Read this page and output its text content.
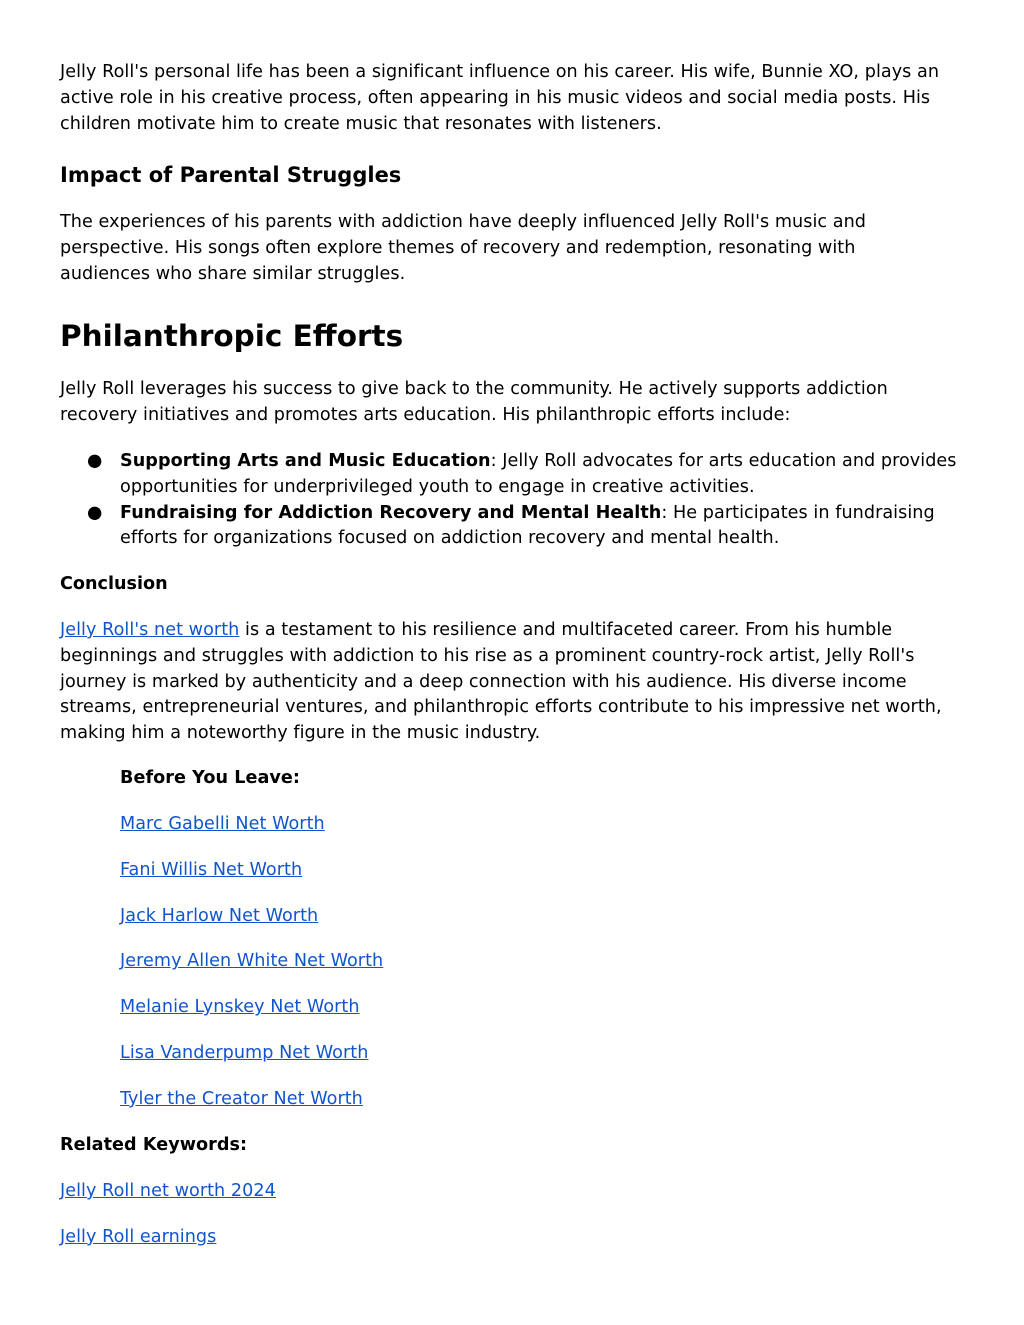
Jelly Roll's personal life has been a significant influence on his career. His wife, Bunnie XO, plays an active role in his creative process, often appearing in his music videos and social media posts. His children motivate him to create music that resonates with listeners.

Impact of Parental Struggles

The experiences of his parents with addiction have deeply influenced Jelly Roll's music and perspective. His songs often explore themes of recovery and redemption, resonating with audiences who share similar struggles.

Philanthropic Efforts

Jelly Roll leverages his success to give back to the community. He actively supports addiction recovery initiatives and promotes arts education. His philanthropic efforts include:

● Supporting Arts and Music Education: Jelly Roll advocates for arts education and provides opportunities for underprivileged youth to engage in creative activities.
● Fundraising for Addiction Recovery and Mental Health: He participates in fundraising efforts for organizations focused on addiction recovery and mental health.
Conclusion

Jelly Roll's net worth is a testament to his resilience and multifaceted career. From his humble beginnings and struggles with addiction to his rise as a prominent country-rock artist, Jelly Roll's journey is marked by authenticity and a deep connection with his audience. His diverse income streams, entrepreneurial ventures, and philanthropic efforts contribute to his impressive net worth, making him a noteworthy figure in the music industry.

Before You Leave:

Marc Gabelli Net Worth
Fani Willis Net Worth
Jack Harlow Net Worth
Jeremy Allen White Net Worth
Melanie Lynskey Net Worth
Lisa Vanderpump Net Worth
Tyler the Creator Net Worth

Related Keywords:

Jelly Roll net worth 2024
Jelly Roll earnings
